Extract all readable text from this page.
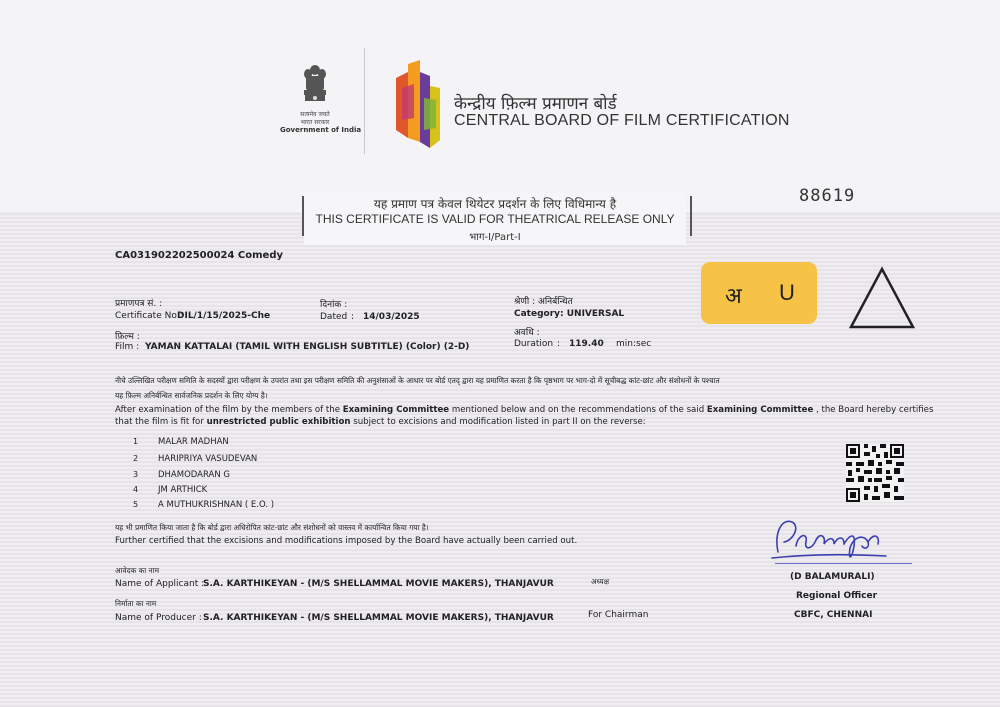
सत्यमेव जयते
भारत सरकार
Government of India
केन्द्रीय फ़िल्म प्रमाणन बोर्ड
CENTRAL BOARD OF FILM CERTIFICATION
88619
यह प्रमाण पत्र केवल थियेटर प्रदर्शन के लिए विधिमान्य है
THIS CERTIFICATE IS VALID FOR THEATRICAL RELEASE ONLY
भाग-I/Part-I
CA031902202500024 Comedy
अ U
प्रमाणपत्र सं. :
Certificate No :
DIL/1/15/2025-Che
दिनांक :
Dated : 14/03/2025
श्रेणी : अनिर्बन्धित
Category : UNIVERSAL
फ़िल्म :
Film : YAMAN KATTALAI (TAMIL WITH ENGLISH SUBTITLE) (Color) (2-D)
अवधि :
Duration : 119.40 min:sec
नीचे उल्लिखित परीक्षण समिति के सदस्यों द्वारा परीक्षण के उपरांत तथा इस परीक्षण समिति की अनुशंसाओं के आधार पर बोर्ड एतद् द्वारा यह प्रमाणित करता है कि पृष्ठभाग पर भाग-दो में सूचीबद्ध कांट-छांट और संशोधनों के पश्चात
यह फ़िल्म अनिर्बन्धित सार्वजनिक प्रदर्शन के लिए योग्य है।
After examination of the film by the members of the Examining Committee mentioned below and on the recommendations of the said Examining Committee , the Board hereby certifies
that the film is fit for unrestricted public exhibition subject to excisions and modification listed in part II on the reverse:
1 MALAR MADHAN
2 HARIPRIYA VASUDEVAN
3 DHAMODARAN G
4 JM ARTHICK
5 A MUTHUKRISHNAN ( E.O. )
यह भी प्रमाणित किया जाता है कि बोर्ड द्वारा अधिरोपित कांट-छांट और संशोधनों को वास्तव में कार्यान्वित किया गया है।
Further certified that the excisions and modifications imposed by the Board have actually been carried out.
आवेदक का नाम
Name of Applicant :
S.A. KARTHIKEYAN - (M/S SHELLAMMAL MOVIE MAKERS), THANJAVUR
निर्माता का नाम
Name of Producer : S.A. KARTHIKEYAN - (M/S SHELLAMMAL MOVIE MAKERS), THANJAVUR
अध्यक्ष
For Chairman
(D BALAMURALI)
Regional Officer
CBFC, CHENNAI
